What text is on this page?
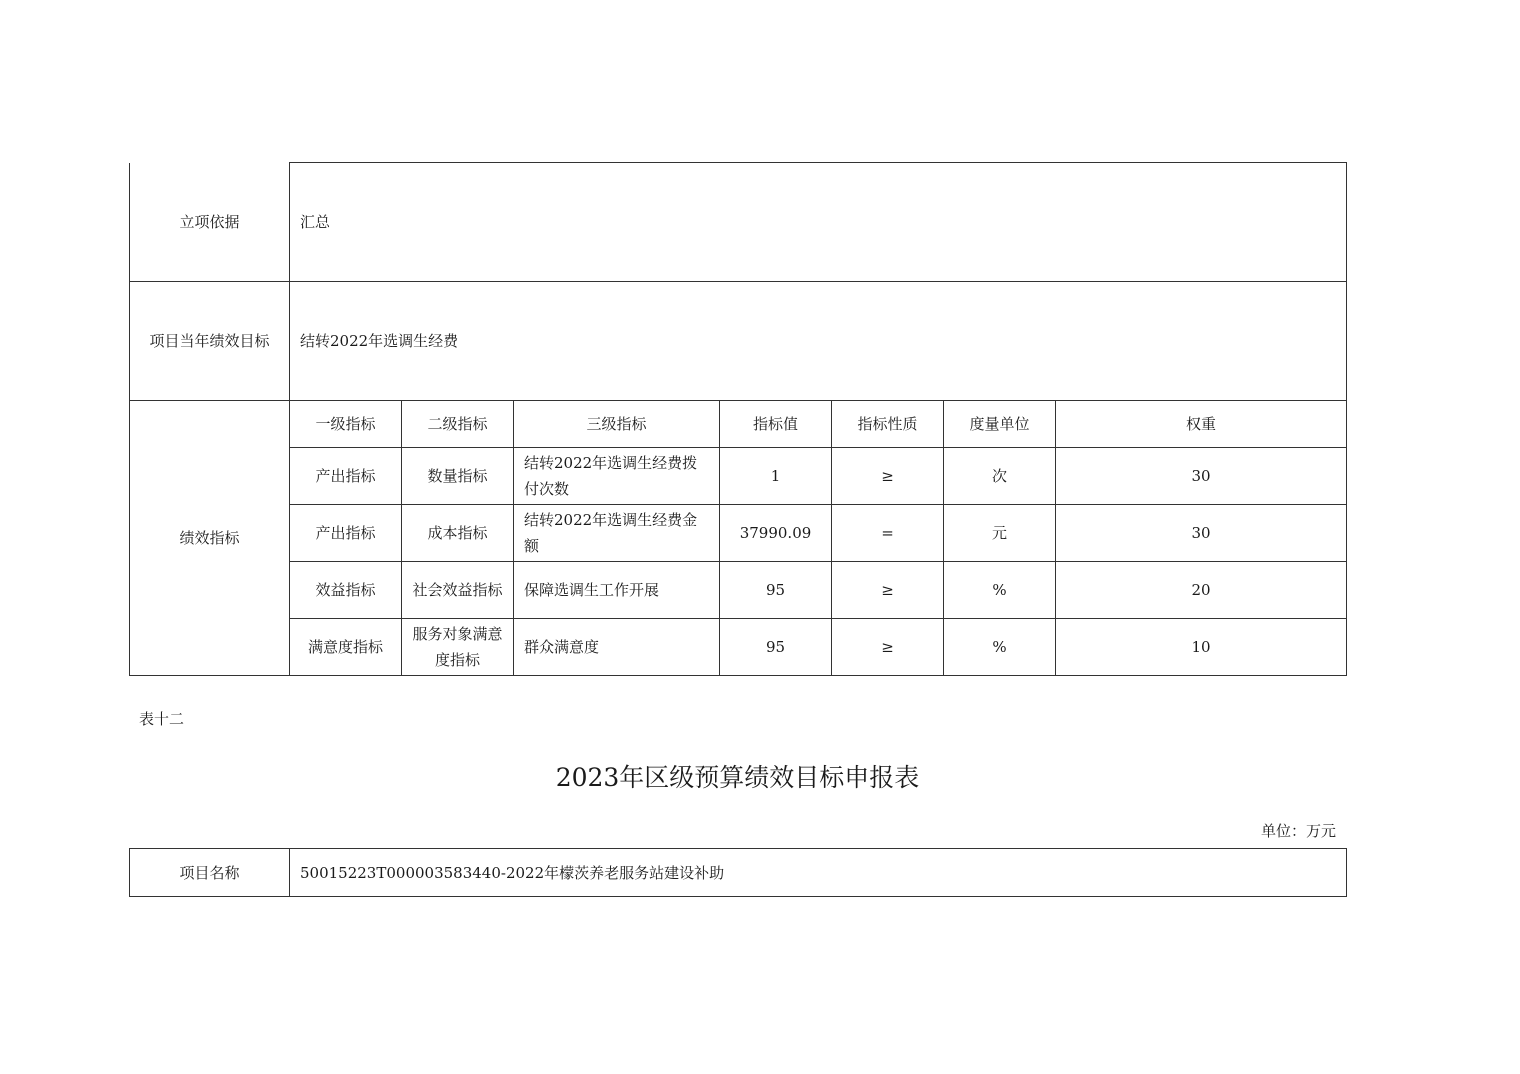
立项依据	汇总						
项目当年绩效目标	结转2022年选调生经费						
绩效指标	一级指标	二级指标	三级指标	指标值	指标性质	度量单位	权重
	产出指标	数量指标	结转2022年选调生经费拨付次数	1	≥	次	30
	产出指标	成本指标	结转2022年选调生经费金额	37990.09	=	元	30
	效益指标	社会效益指标	保障选调生工作开展	95	≥	%	20
	满意度指标	服务对象满意度指标	群众满意度	95	≥	%	10
表十二
2023年区级预算绩效目标申报表
单位：万元
项目名称	50015223T000003583440-2022年檬茨养老服务站建设补助
